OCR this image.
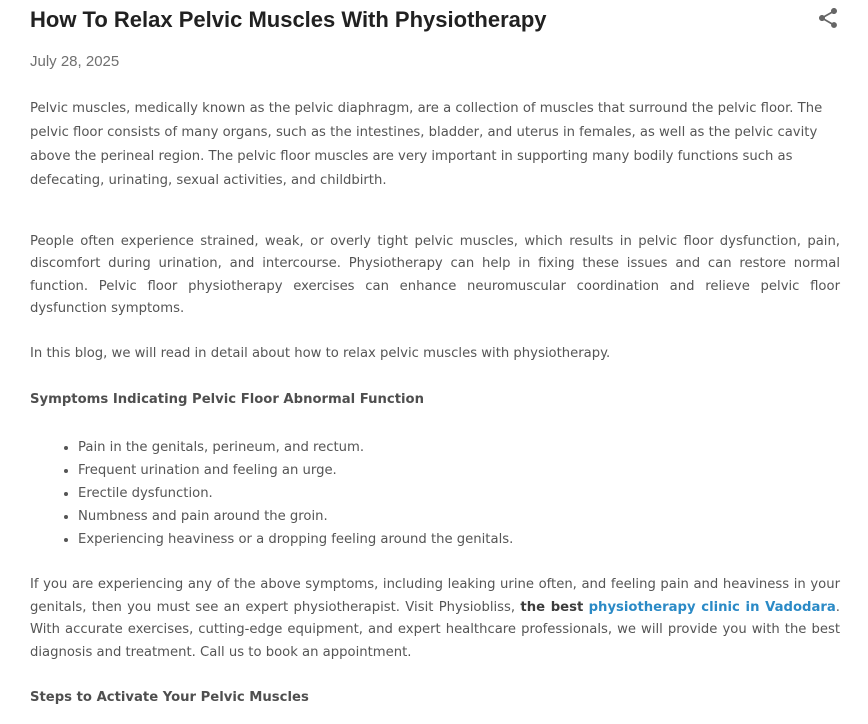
How To Relax Pelvic Muscles With Physiotherapy
July 28, 2025

Pelvic muscles, medically known as the pelvic diaphragm, are a collection of muscles that surround the pelvic floor. The pelvic floor consists of many organs, such as the intestines, bladder, and uterus in females, as well as the pelvic cavity above the perineal region. The pelvic floor muscles are very important in supporting many bodily functions such as defecating, urinating, sexual activities, and childbirth.

People often experience strained, weak, or overly tight pelvic muscles, which results in pelvic floor dysfunction, pain, discomfort during urination, and intercourse. Physiotherapy can help in fixing these issues and can restore normal function. Pelvic floor physiotherapy exercises can enhance neuromuscular coordination and relieve pelvic floor dysfunction symptoms.

In this blog, we will read in detail about how to relax pelvic muscles with physiotherapy.

Symptoms Indicating Pelvic Floor Abnormal Function
• Pain in the genitals, perineum, and rectum.
• Frequent urination and feeling an urge.
• Erectile dysfunction.
• Numbness and pain around the groin.
• Experiencing heaviness or a dropping feeling around the genitals.

If you are experiencing any of the above symptoms, including leaking urine often, and feeling pain and heaviness in your genitals, then you must see an expert physiotherapist. Visit Physiobliss, the best physiotherapy clinic in Vadodara. With accurate exercises, cutting-edge equipment, and expert healthcare professionals, we will provide you with the best diagnosis and treatment. Call us to book an appointment.

Steps to Activate Your Pelvic Muscles
